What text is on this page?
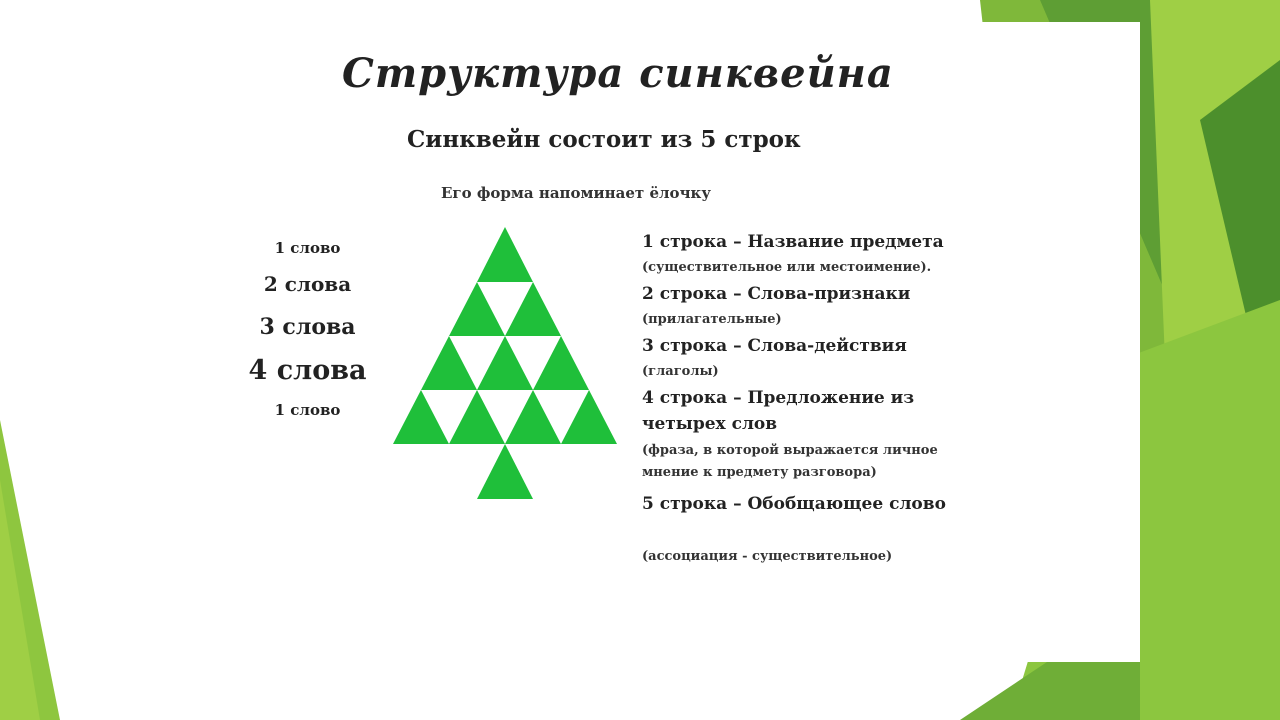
Структура синквейна
Синквейн состоит из 5 строк
Его форма напоминает ёлочку
1 слово
2 слова
3 слова
4 слова
1 слово
1 строка – Название предмета
(существительное или местоимение).
2 строка – Слова-признаки
(прилагательные)
3 строка – Слова-действия
(глаголы)
4 строка – Предложение из
четырех слов
(фраза, в которой выражается личное
мнение к предмету разговора)
5 строка – Обобщающее слово
(ассоциация - существительное)
